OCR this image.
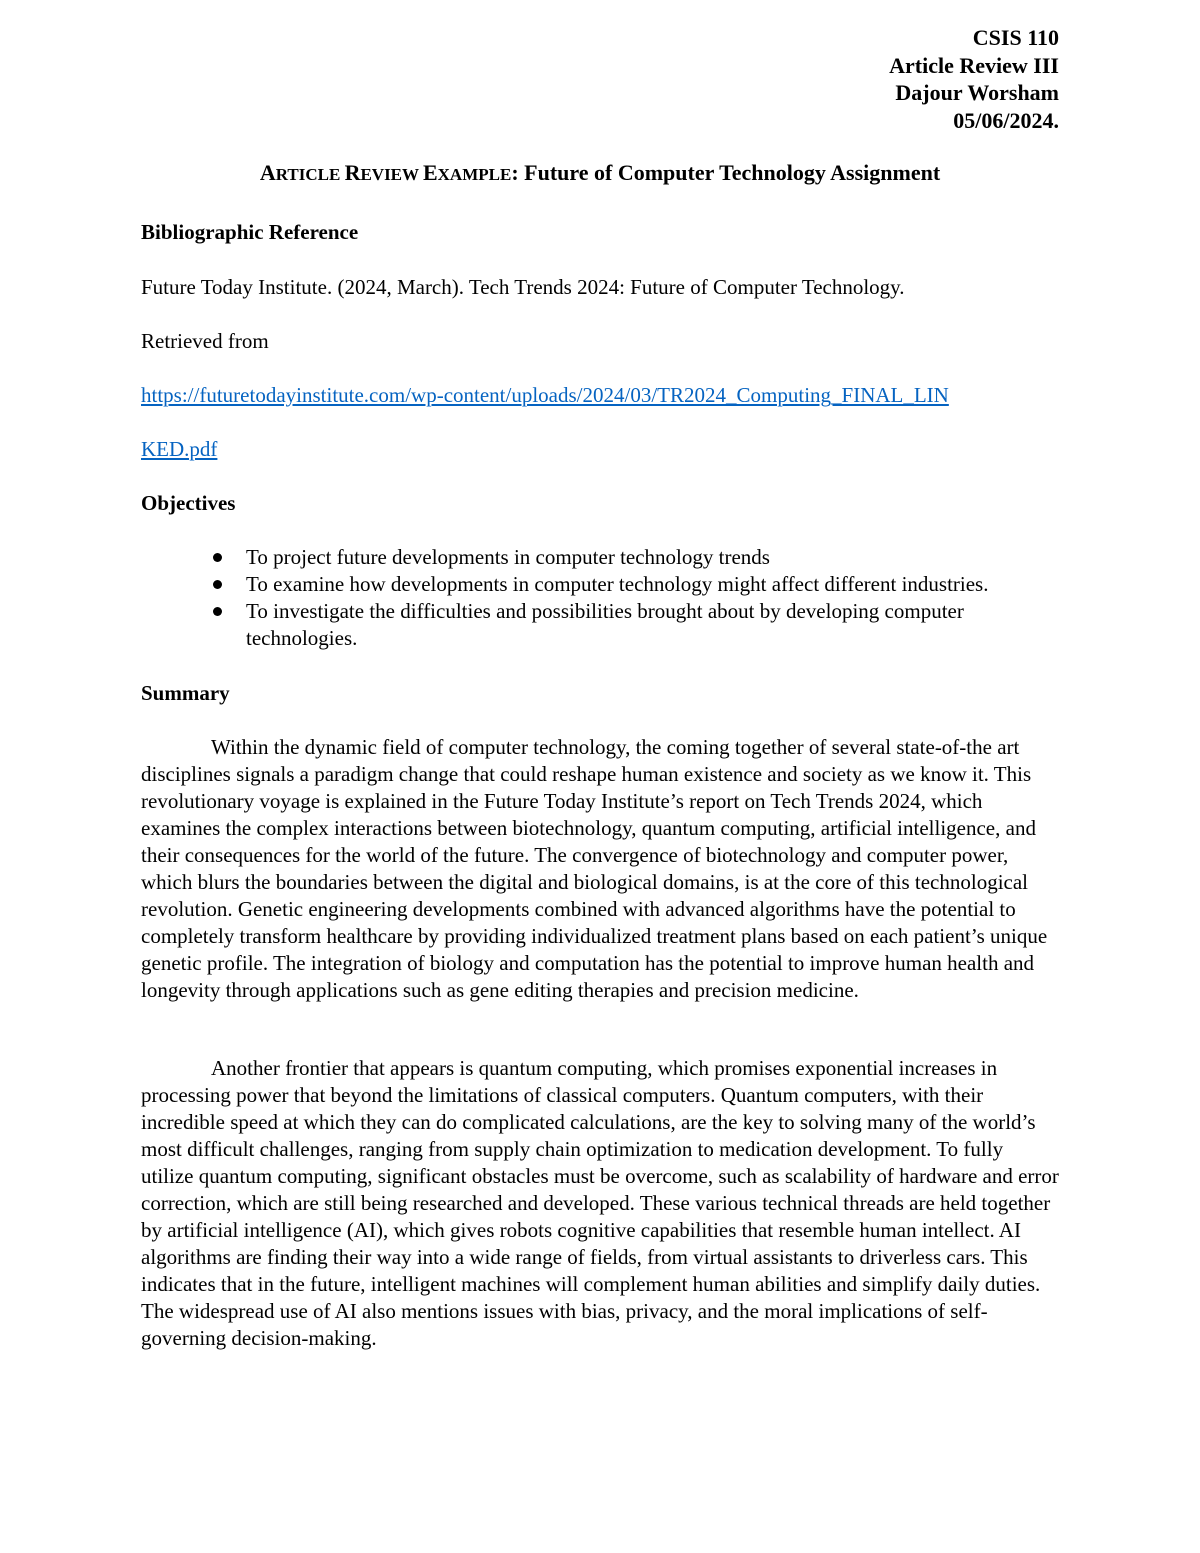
CSIS 110
Article Review III
Dajour Worsham
05/06/2024.
ARTICLE REVIEW EXAMPLE: Future of Computer Technology Assignment
Bibliographic Reference
Future Today Institute. (2024, March). Tech Trends 2024: Future of Computer Technology.
Retrieved from
https://futuretodayinstitute.com/wp-content/uploads/2024/03/TR2024_Computing_FINAL_LIN
KED.pdf
Objectives
To project future developments in computer technology trends
To examine how developments in computer technology might affect different industries.
To investigate the difficulties and possibilities brought about by developing computer technologies.
Summary

Within the dynamic field of computer technology, the coming together of several state-of-the art disciplines signals a paradigm change that could reshape human existence and society as we know it. This revolutionary voyage is explained in the Future Today Institute’s report on Tech Trends 2024, which examines the complex interactions between biotechnology, quantum computing, artificial intelligence, and their consequences for the world of the future. The convergence of biotechnology and computer power, which blurs the boundaries between the digital and biological domains, is at the core of this technological revolution. Genetic engineering developments combined with advanced algorithms have the potential to completely transform healthcare by providing individualized treatment plans based on each patient’s unique genetic profile. The integration of biology and computation has the potential to improve human health and longevity through applications such as gene editing therapies and precision medicine.

Another frontier that appears is quantum computing, which promises exponential increases in processing power that beyond the limitations of classical computers. Quantum computers, with their incredible speed at which they can do complicated calculations, are the key to solving many of the world’s most difficult challenges, ranging from supply chain optimization to medication development. To fully utilize quantum computing, significant obstacles must be overcome, such as scalability of hardware and error correction, which are still being researched and developed. These various technical threads are held together by artificial intelligence (AI), which gives robots cognitive capabilities that resemble human intellect. AI algorithms are finding their way into a wide range of fields, from virtual assistants to driverless cars. This indicates that in the future, intelligent machines will complement human abilities and simplify daily duties. The widespread use of AI also mentions issues with bias, privacy, and the moral implications of self-governing decision-making.
